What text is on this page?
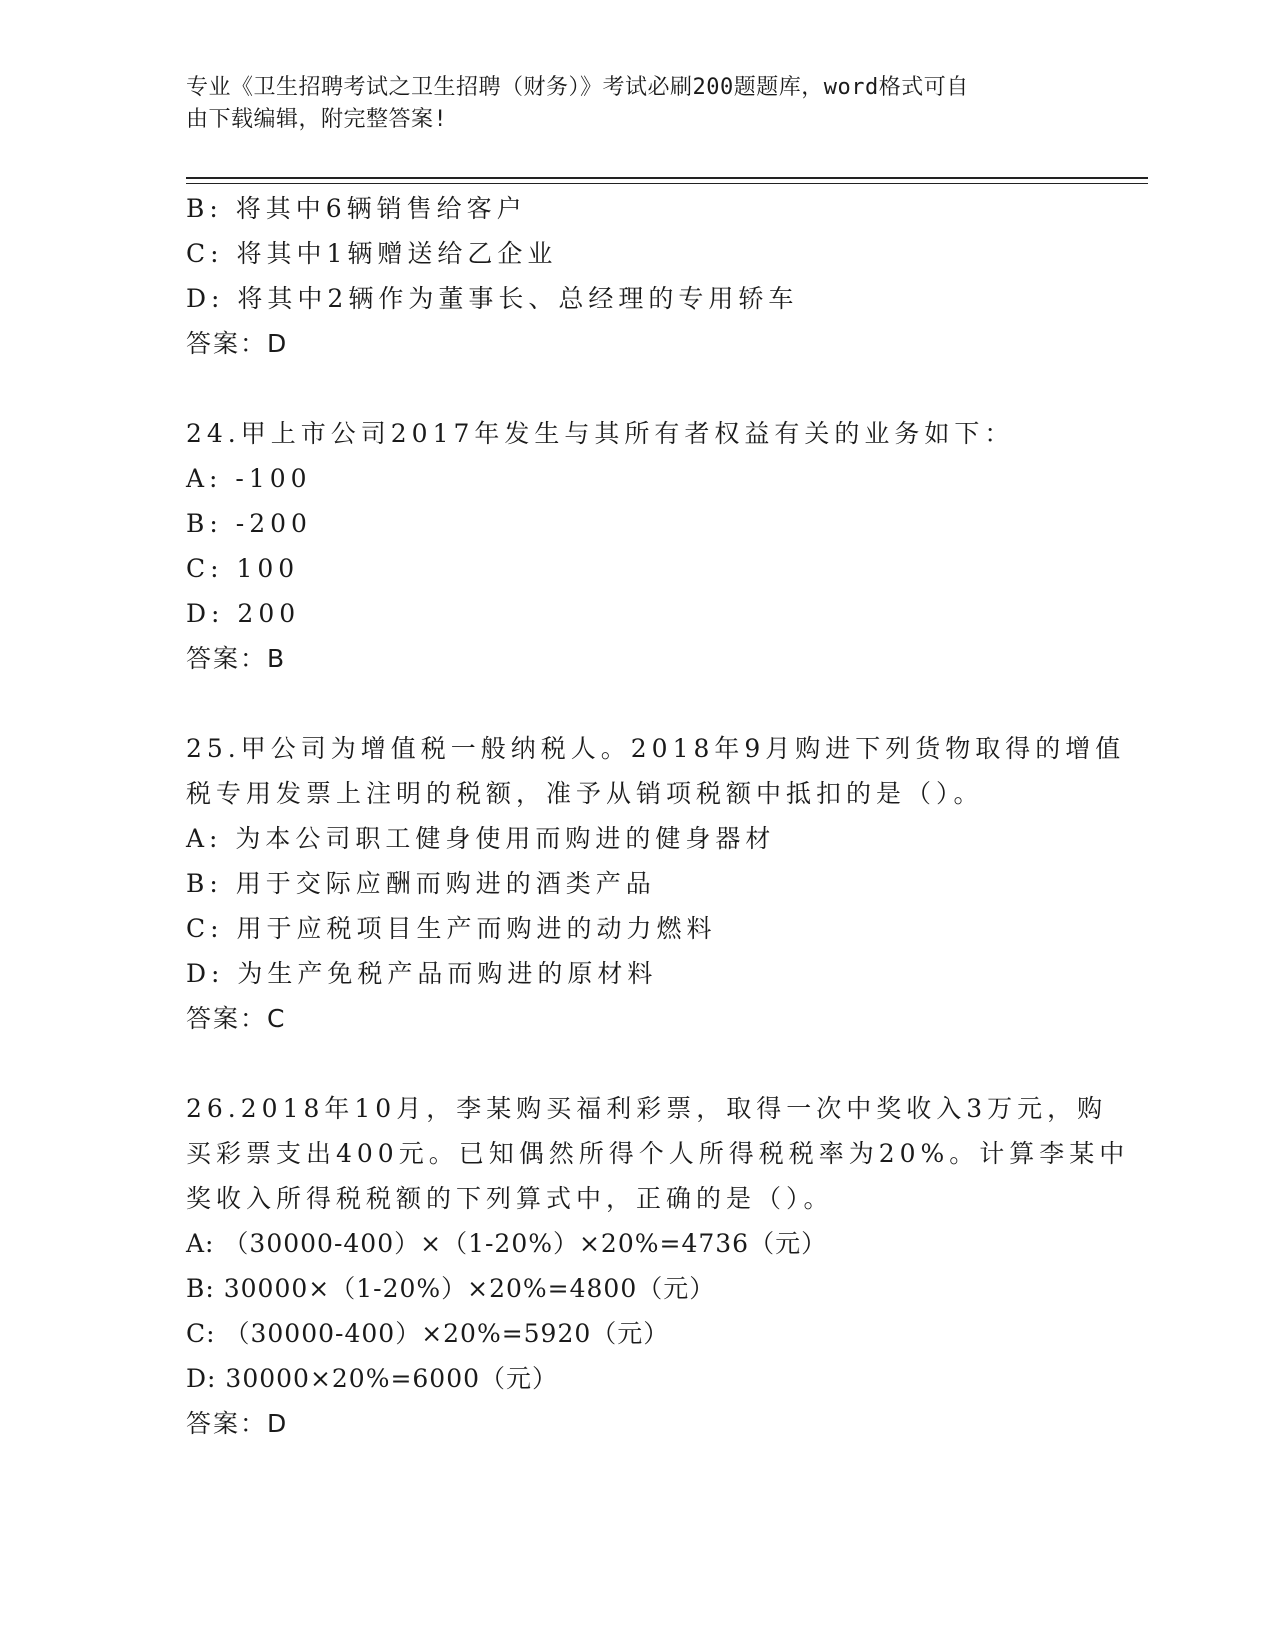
专业《卫生招聘考试之卫生招聘（财务）》考试必刷200题题库，word格式可自
由下载编辑，附完整答案!
B: 将其中6辆销售给客户
C: 将其中1辆赠送给乙企业
D: 将其中2辆作为董事长、总经理的专用轿车
答案：D
24.甲上市公司2017年发生与其所有者权益有关的业务如下：
A: -100
B: -200
C: 100
D: 200
答案：B
25.甲公司为增值税一般纳税人。2018年9月购进下列货物取得的增值
税专用发票上注明的税额，准予从销项税额中抵扣的是（）。
A: 为本公司职工健身使用而购进的健身器材
B: 用于交际应酬而购进的酒类产品
C: 用于应税项目生产而购进的动力燃料
D: 为生产免税产品而购进的原材料
答案：C
26.2018年10月，李某购买福利彩票，取得一次中奖收入3万元，购
买彩票支出400元。已知偶然所得个人所得税税率为20%。计算李某中
奖收入所得税税额的下列算式中，正确的是（）。
A: （30000-400）×（1-20%）×20%=4736（元）
B: 30000×（1-20%）×20%=4800（元）
C: （30000-400）×20%=5920（元）
D: 30000×20%=6000（元）
答案：D
